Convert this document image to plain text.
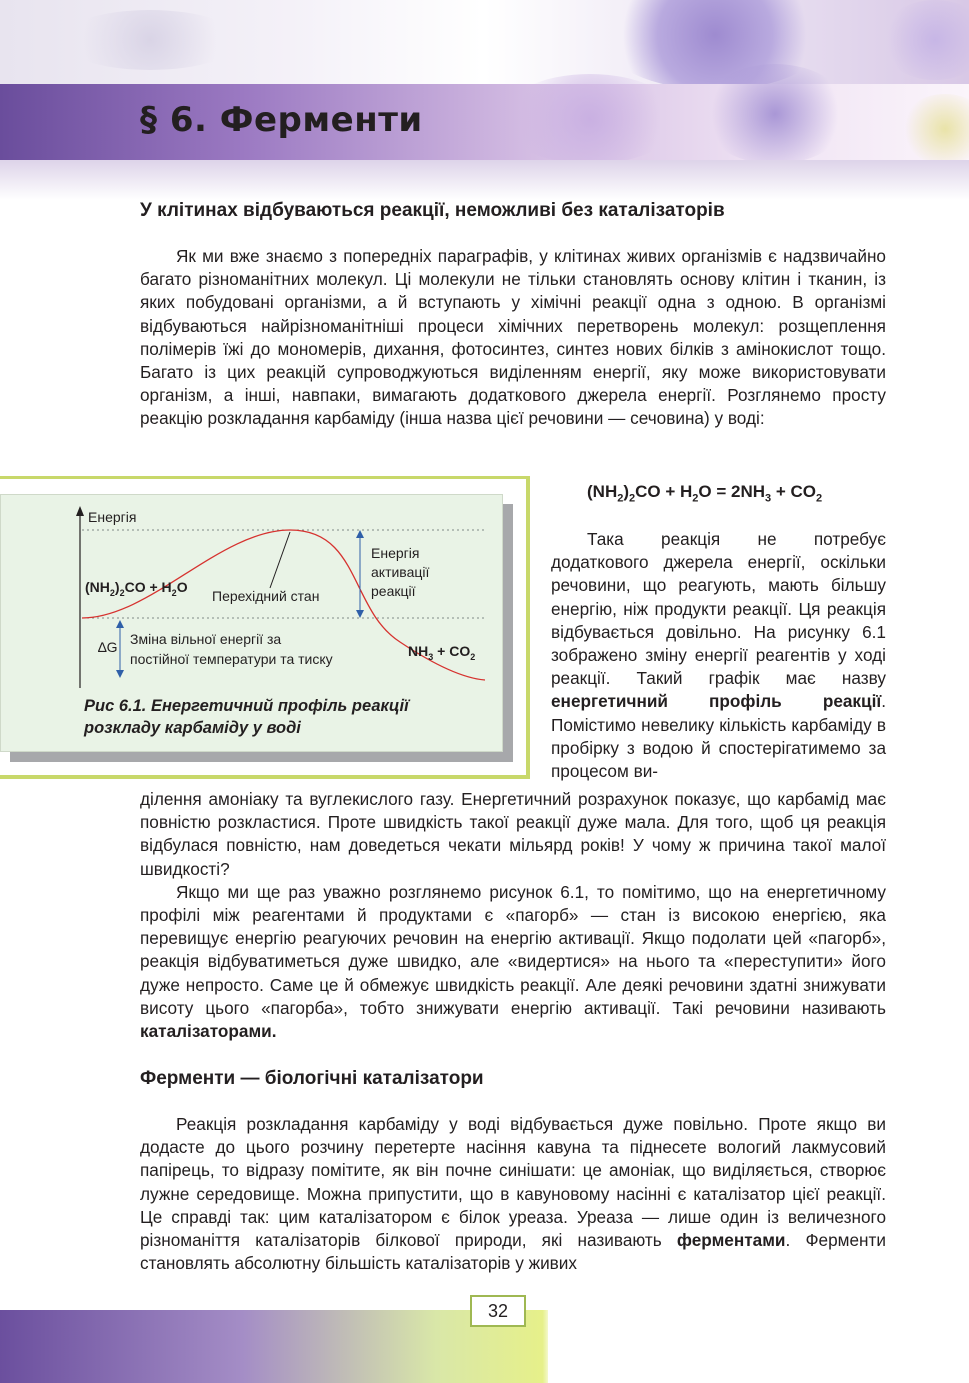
§ 6. Ферменти
У клітинах відбуваються реакції, неможливі без каталізаторів

Як ми вже знаємо з попередніх параграфів, у клітинах живих організмів є надзвичайно багато різноманітних молекул. Ці молекули не тільки становлять основу клітин і тканин, із яких побудовані організми, а й вступають у хімічні реакції одна з одною. В організмі відбуваються найрізноманітніші процеси хімічних перетворень молекул: розщеплення полімерів їжі до мономерів, дихання, фотосинтез, синтез нових білків з амінокислот тощо. Багато із цих реакцій супроводжуються виділенням енергії, яку може використовувати організм, а інші, навпаки, вимагають додаткового джерела енергії. Розглянемо просту реакцію розкладання карбаміду (інша назва цієї речовини — сечовина) у воді:

Енергія
Перехідний стан
$(NH_2)_2CO + H_2O$
Енергія
активації
реакції
∆G Зміна вільної енергії за
постійної температури та тиску	$NH_3 + CO_2$

Рис 6.1. Енергетичний профіль реакції розкладу карбаміду у воді

$(NH_2)_2CO + H_2O = 2NH_3 + CO_2$

Така реакція не потребує додаткового джерела енергії, оскільки речовини, що реагують, мають більшу енергію, ніж продукти реакції. Ця реакція відбувається довільно. На рисунку 6.1 зображено зміну енергії реагентів у ході реакції. Такий графік має назву енергетичний профіль реакції. Помістимо невелику кількість карбаміду в пробірку з водою й спостерігатимемо за процесом ви-

ділення амоніаку та вуглекислого газу. Енергетичний розрахунок показує, що карбамід має повністю розкластися. Проте швидкість такої реакції дуже мала. Для того, щоб ця реакція відбулася повністю, нам доведеться чекати мільярд років! У чому ж причина такої малої швидкості?

Якщо ми ще раз уважно розглянемо рисунок 6.1, то помітимо, що на енергетичному профілі між реагентами й продуктами є «пагорб» — стан із високою енергією, яка перевищує енергію реагуючих речовин на енергію активації. Якщо подолати цей «пагорб», реакція відбуватиметься дуже швидко, але «видертися» на нього та «переступити» його дуже непросто. Саме це й обмежує швидкість реакції. Але деякі речовини здатні знижувати висоту цього «пагорба», тобто знижувати енергію активації. Такі речовини називають каталізаторами.

Ферменти — біологічні каталізатори

Реакція розкладання карбаміду у воді відбувається дуже повільно. Проте якщо ви додасте до цього розчину перетерте насіння кавуна та піднесете вологий лакмусовий папірець, то відразу помітите, як він почне синішати: це амоніак, що виділяється, створює лужне середовище. Можна припустити, що в кавуновому насінні є каталізатор цієї реакції. Це справді так: цим каталізатором є білок уреаза. Уреаза — лише один із величезного різноманіття каталізаторів білкової природи, які називають ферментами. Ферменти становлять абсолютну більшість каталізаторів у живих

32
